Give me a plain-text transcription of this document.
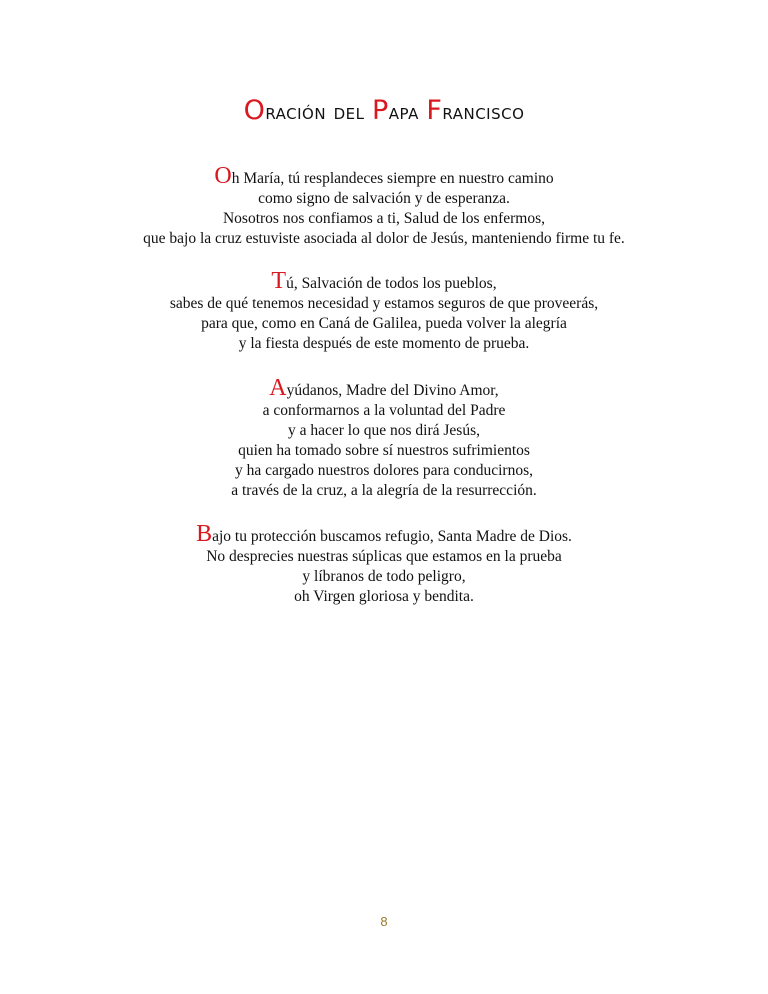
Oración del Papa Francisco
Oh María, tú resplandeces siempre en nuestro camino
como signo de salvación y de esperanza.
Nosotros nos confiamos a ti, Salud de los enfermos,
que bajo la cruz estuviste asociada al dolor de Jesús, manteniendo firme tu fe.
Tú, Salvación de todos los pueblos,
sabes de qué tenemos necesidad y estamos seguros de que proveerás,
para que, como en Caná de Galilea, pueda volver la alegría
y la fiesta después de este momento de prueba.
Ayúdanos, Madre del Divino Amor,
a conformarnos a la voluntad del Padre
y a hacer lo que nos dirá Jesús,
quien ha tomado sobre sí nuestros sufrimientos
y ha cargado nuestros dolores para conducirnos,
a través de la cruz, a la alegría de la resurrección.
Bajo tu protección buscamos refugio, Santa Madre de Dios.
No desprecies nuestras súplicas que estamos en la prueba
y líbranos de todo peligro,
oh Virgen gloriosa y bendita.
8
